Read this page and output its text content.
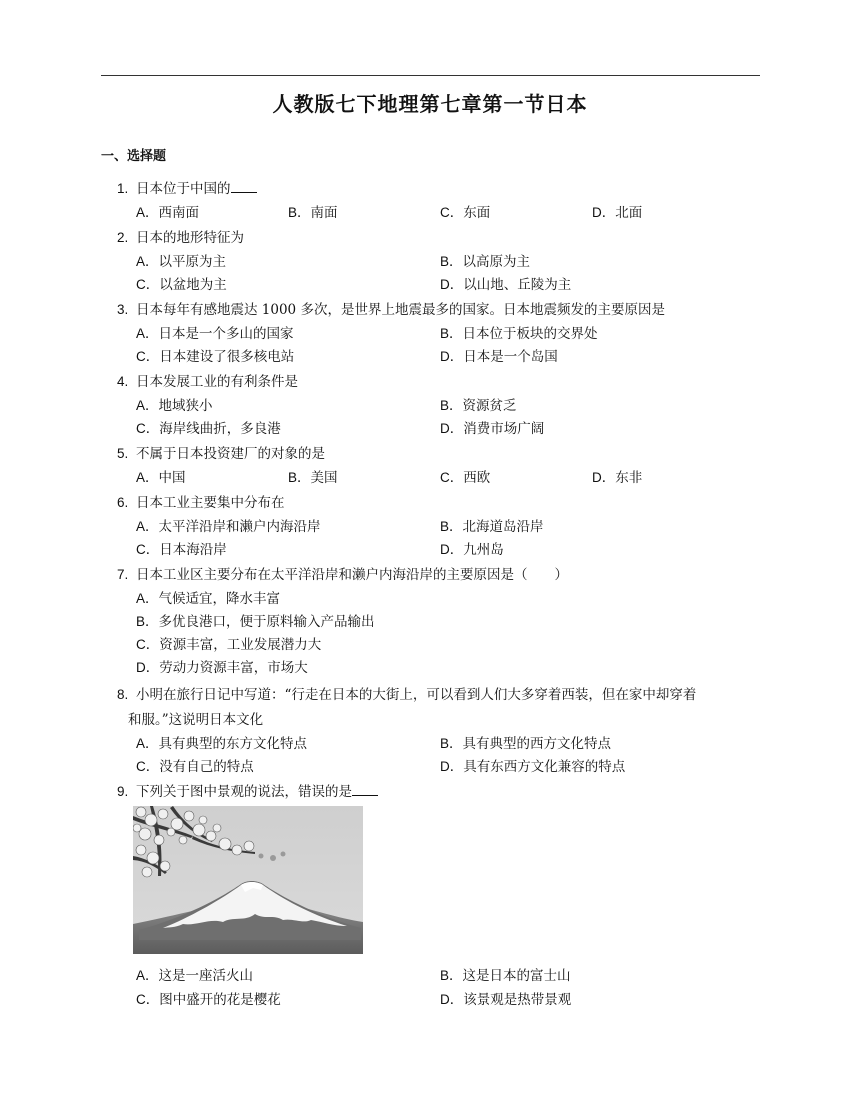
人教版七下地理第七章第一节日本
一、选择题
1. 日本位于中国的
A．西南面	B．南面	C．东面	D．北面
2. 日本的地形特征为
A．以平原为主	B．以高原为主
C．以盆地为主	D．以山地、丘陵为主
3. 日本每年有感地震达 1000 多次，是世界上地震最多的国家。日本地震频发的主要原因是
A．日本是一个多山的国家	B．日本位于板块的交界处
C．日本建设了很多核电站	D．日本是一个岛国
4. 日本发展工业的有利条件是
A．地域狭小	B．资源贫乏
C．海岸线曲折，多良港	D．消费市场广阔
5. 不属于日本投资建厂的对象的是
A．中国	B．美国	C．西欧	D．东非
6. 日本工业主要集中分布在
A．太平洋沿岸和濑户内海沿岸	B．北海道岛沿岸
C．日本海沿岸	D．九州岛
7. 日本工业区主要分布在太平洋沿岸和濑户内海沿岸的主要原因是（　　）
A．气候适宜，降水丰富
B．多优良港口，便于原料输入产品输出
C．资源丰富，工业发展潜力大
D．劳动力资源丰富，市场大
8. 小明在旅行日记中写道：“行走在日本的大街上，可以看到人们大多穿着西装，但在家中却穿着
和服。”这说明日本文化
A．具有典型的东方文化特点	B．具有典型的西方文化特点
C．没有自己的特点	D．具有东西方文化兼容的特点
9. 下列关于图中景观的说法，错误的是
A．这是一座活火山	B．这是日本的富士山
C．图中盛开的花是樱花	D．该景观是热带景观
